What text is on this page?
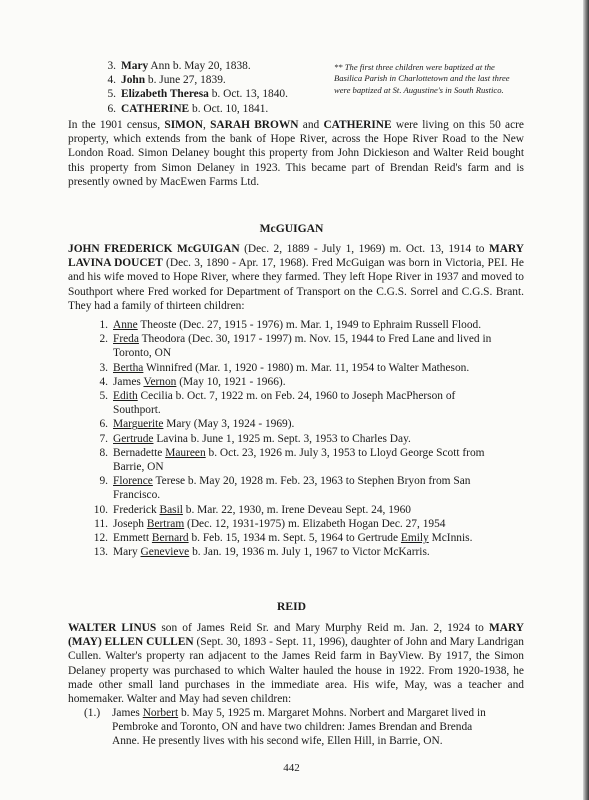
3. Mary Ann b. May 20, 1838.
4. John b. June 27, 1839.
5. Elizabeth Theresa b. Oct. 13, 1840.
6. CATHERINE b. Oct. 10, 1841.
** The first three children were baptized at the Basilica Parish in Charlottetown and the last three were baptized at St. Augustine's in South Rustico.

In the 1901 census, SIMON, SARAH BROWN and CATHERINE were living on this 50 acre property, which extends from the bank of Hope River, across the Hope River Road to the New London Road. Simon Delaney bought this property from John Dickieson and Walter Reid bought this property from Simon Delaney in 1923. This became part of Brendan Reid's farm and is presently owned by MacEwen Farms Ltd.

McGUIGAN

JOHN FREDERICK McGUIGAN (Dec. 2, 1889 - July 1, 1969) m. Oct. 13, 1914 to MARY LAVINA DOUCET (Dec. 3, 1890 - Apr. 17, 1968). Fred McGuigan was born in Victoria, PEI. He and his wife moved to Hope River, where they farmed. They left Hope River in 1937 and moved to Southport where Fred worked for Department of Transport on the C.G.S. Sorrel and C.G.S. Brant. They had a family of thirteen children:

1. Anne Theoste (Dec. 27, 1915 - 1976) m. Mar. 1, 1949 to Ephraim Russell Flood.
2. Freda Theodora (Dec. 30, 1917 - 1997) m. Nov. 15, 1944 to Fred Lane and lived in Toronto, ON
3. Bertha Winnifred (Mar. 1, 1920 - 1980) m. Mar. 11, 1954 to Walter Matheson.
4. James Vernon (May 10, 1921 - 1966).
5. Edith Cecilia b. Oct. 7, 1922 m. on Feb. 24, 1960 to Joseph MacPherson of Southport.
6. Marguerite Mary (May 3, 1924 - 1969).
7. Gertrude Lavina b. June 1, 1925 m. Sept. 3, 1953 to Charles Day.
8. Bernadette Maureen b. Oct. 23, 1926 m. July 3, 1953 to Lloyd George Scott from Barrie, ON
9. Florence Terese b. May 20, 1928 m. Feb. 23, 1963 to Stephen Bryon from San Francisco.
10. Frederick Basil b. Mar. 22, 1930, m. Irene Deveau Sept. 24, 1960
11. Joseph Bertram (Dec. 12, 1931-1975) m. Elizabeth Hogan Dec. 27, 1954
12. Emmett Bernard b. Feb. 15, 1934 m. Sept. 5, 1964 to Gertrude Emily McInnis.
13. Mary Genevieve b. Jan. 19, 1936 m. July 1, 1967 to Victor McKarris.
REID

WALTER LINUS son of James Reid Sr. and Mary Murphy Reid m. Jan. 2, 1924 to MARY (MAY) ELLEN CULLEN (Sept. 30, 1893 - Sept. 11, 1996), daughter of John and Mary Landrigan Cullen. Walter's property ran adjacent to the James Reid farm in BayView. By 1917, the Simon Delaney property was purchased to which Walter hauled the house in 1922. From 1920-1938, he made other small land purchases in the immediate area. His wife, May, was a teacher and homemaker. Walter and May had seven children:

(1.)	James Norbert b. May 5, 1925 m. Margaret Mohns. Norbert and Margaret lived in Pembroke and Toronto, ON and have two children: James Brendan and Brenda Anne. He presently lives with his second wife, Ellen Hill, in Barrie, ON.
442
